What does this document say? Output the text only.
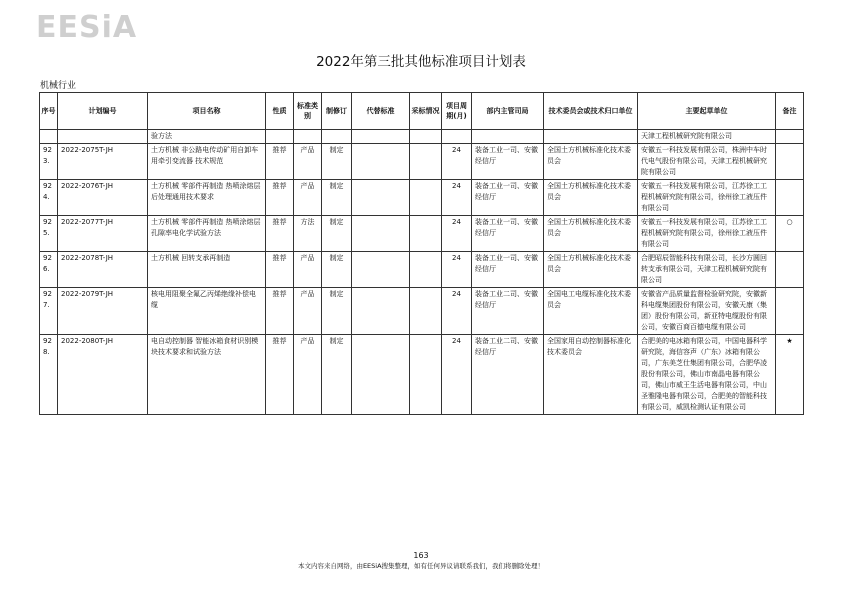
EESiA
2022年第三批其他标准项目计划表
机械行业
序号	计划编号	项目名称	性质	标准类别	制修订	代替标准	采标情况	项目周期(月)	部内主管司局	技术委员会或技术归口单位	主要起草单位	备注
		验方法									天津工程机械研究院有限公司	
923.	2022-2075T-JH	土方机械 非公路电传动矿用自卸车用牵引变流器 技术规范	推荐	产品	制定			24	装备工业一司、安徽经信厅	全国土方机械标准化技术委员会	安徽五一科技发展有限公司，株洲中车时代电气股份有限公司，天津工程机械研究院有限公司	
924.	2022-2076T-JH	土方机械 零部件再制造 热喷涂熔层后处理通用技术要求	推荐	产品	制定			24	装备工业一司、安徽经信厅	全国土方机械标准化技术委员会	安徽五一科技发展有限公司，江苏徐工工程机械研究院有限公司，徐州徐工液压件有限公司	
925.	2022-2077T-JH	土方机械 零部件再制造 热喷涂熔层孔隙率电化学试验方法	推荐	方法	制定			24	装备工业一司、安徽经信厅	全国土方机械标准化技术委员会	安徽五一科技发展有限公司，江苏徐工工程机械研究院有限公司，徐州徐工液压件有限公司	○
926.	2022-2078T-JH	土方机械 回转支承再制造	推荐	产品	制定			24	装备工业一司、安徽经信厅	全国土方机械标准化技术委员会	合肥昭辰智能科技有限公司，长沙方圆回转支承有限公司，天津工程机械研究院有限公司	
927.	2022-2079T-JH	核电用阻聚全氟乙丙烯绝缘补偿电缆	推荐	产品	制定			24	装备工业二司、安徽经信厅	全国电工电缆标准化技术委员会	安徽省产品质量监督检验研究院，安徽新科电缆集团股份有限公司，安徽天康（集团）股份有限公司，新亚特电缆股份有限公司，安徽百商百德电缆有限公司	
928.	2022-2080T-JH	电自动控制器 智能冰箱食材识别模块技术要求和试验方法	推荐	产品	制定			24	装备工业二司、安徽经信厅	全国家用自动控制器标准化技术委员会	合肥美的电冰箱有限公司，中国电器科学研究院，海信容声（广东）冰箱有限公司，广东美芝仕集团有限公司，合肥华凌股份有限公司，佛山市南晶电器有限公司，佛山市威王生活电器有限公司，中山圣雅隆电器有限公司，合肥美的智能科技有限公司，威凯检测认证有限公司	★
163
本文内容来自网络，由EESiA搜集整理，如有任何异议请联系我们，我们将删除处理！
